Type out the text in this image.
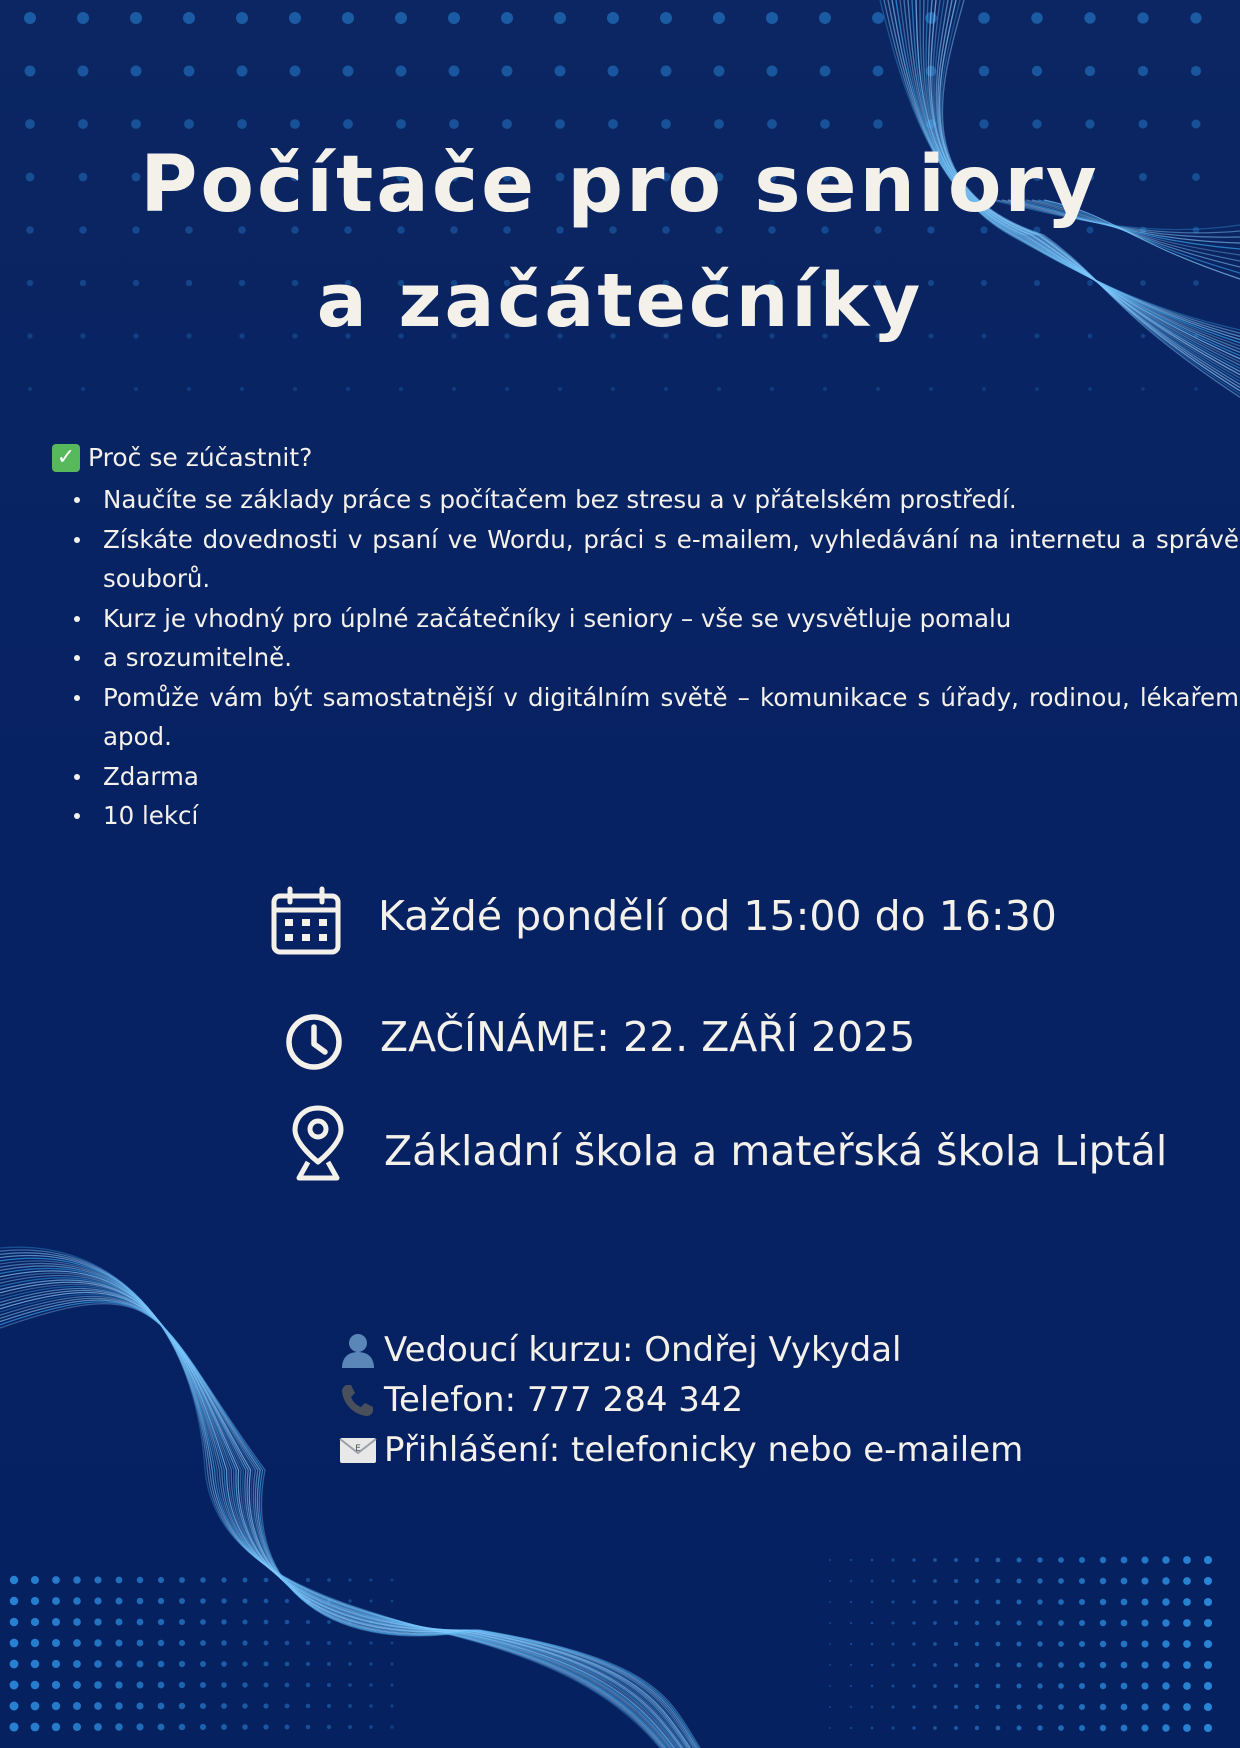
Počítače pro seniory
a začátečníky
✓ Proč se zúčastnit?
Naučíte se základy práce s počítačem bez stresu a v přátelském prostředí.
Získáte dovednosti v psaní ve Wordu, práci s e-mailem, vyhledávání na internetu a správě souborů.
Kurz je vhodný pro úplné začátečníky i seniory – vše se vysvětluje pomalu
a srozumitelně.
Pomůže vám být samostatnější v digitálním světě – komunikace s úřady, rodinou, lékařem apod.
Zdarma
10 lekcí
Každé pondělí od 15:00 do 16:30
ZAČÍNÁME: 22. ZÁŘÍ 2025
Základní škola a mateřská škola Liptál
Vedoucí kurzu: Ondřej Vykydal
Telefon: 777 284 342
E Přihlášení: telefonicky nebo e-mailem
